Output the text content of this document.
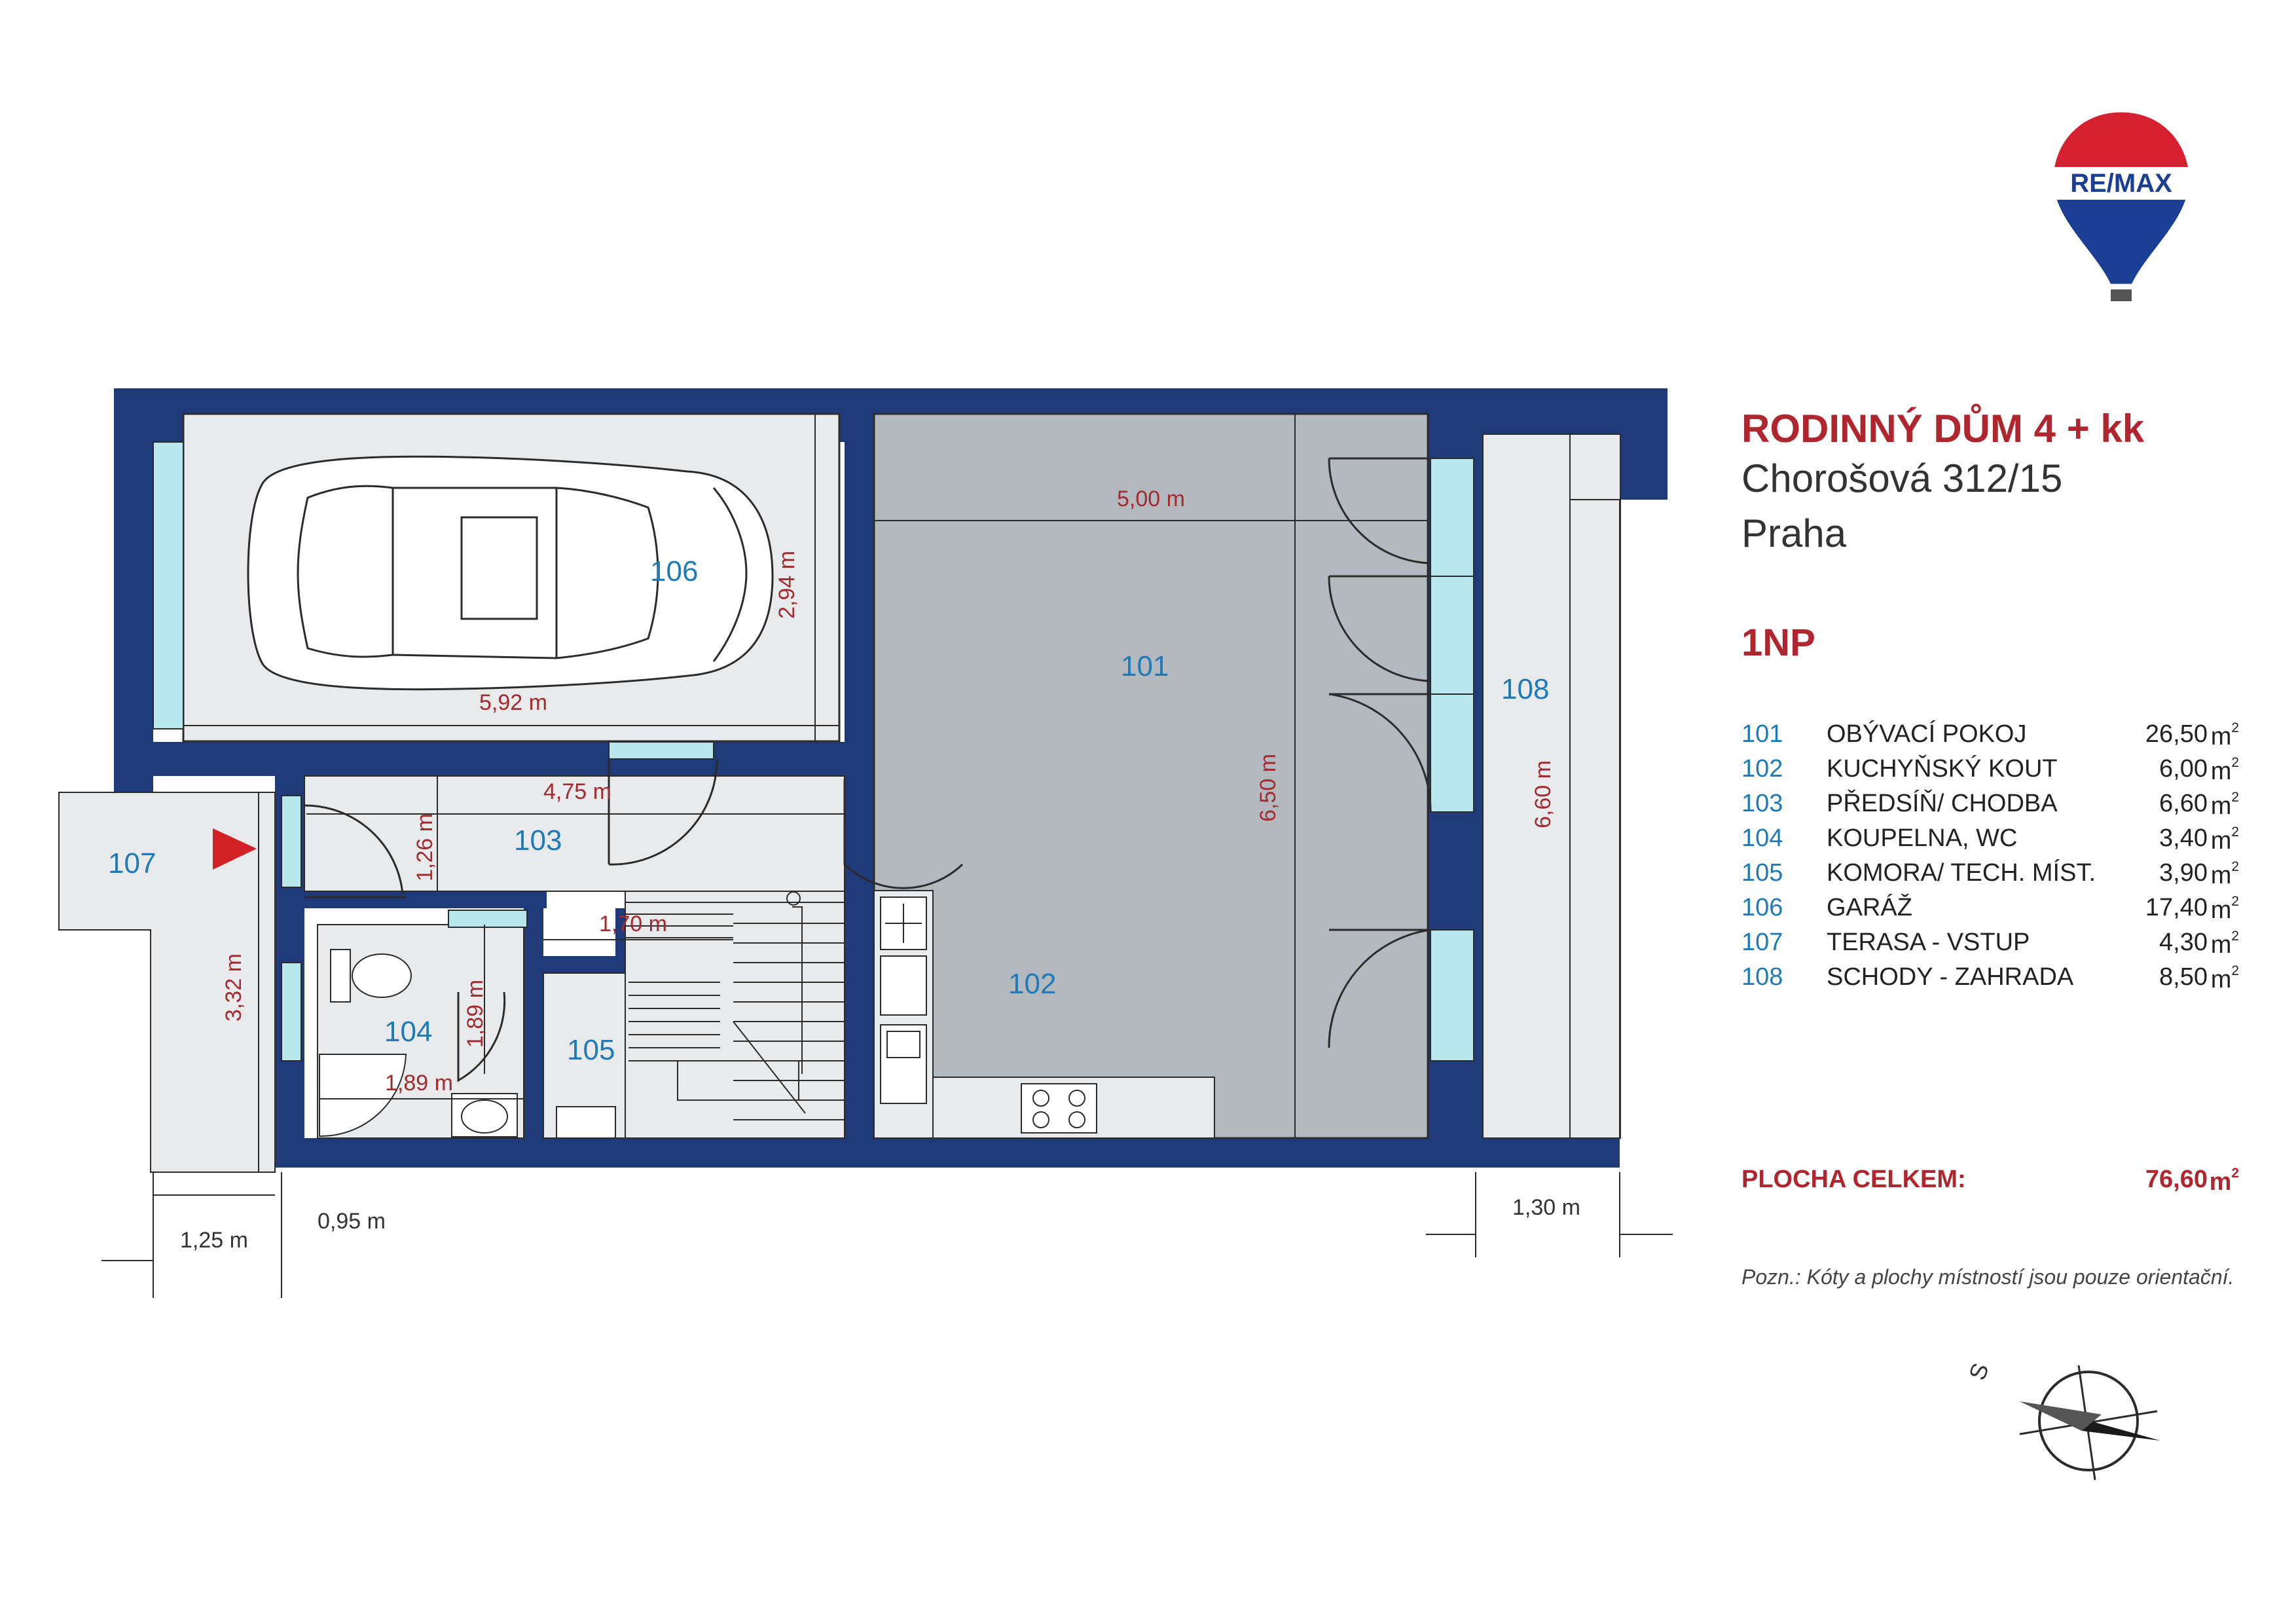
101
102
103
104
105
106
107
108
5,00 m
6,50 m
2,94 m
5,92 m
4,75 m
1,26 m
1,70 m
1,89 m
1,89 m
3,32 m
6,60 m
1,25 m
0,95 m
1,30 m
S
RE/MAX

RODINNÝ DŮM 4 + kk

Chorošová 312/15

Praha

1NP
101 OBÝVACÍ POKOJ	26,50 $m^2$
102 KUCHYŇSKÝ KOUT	6,00 $m^2$
103 PŘEDSÍŇ/ CHODBA	6,60 $m^2$
104 KOUPELNA, WC	3,40 $m^2$
105 KOMORA/ TECH. MÍST.	3,90 $m^2$
106 GARÁŽ	17,40 $m^2$
107 TERASA - VSTUP	4,30 $m^2$
108 SCHODY - ZAHRADA	8,50 $m^2$
PLOCHA CELKEM:	76,60 $m^2$
Pozn.: Kóty a plochy místností jsou pouze orientační.
